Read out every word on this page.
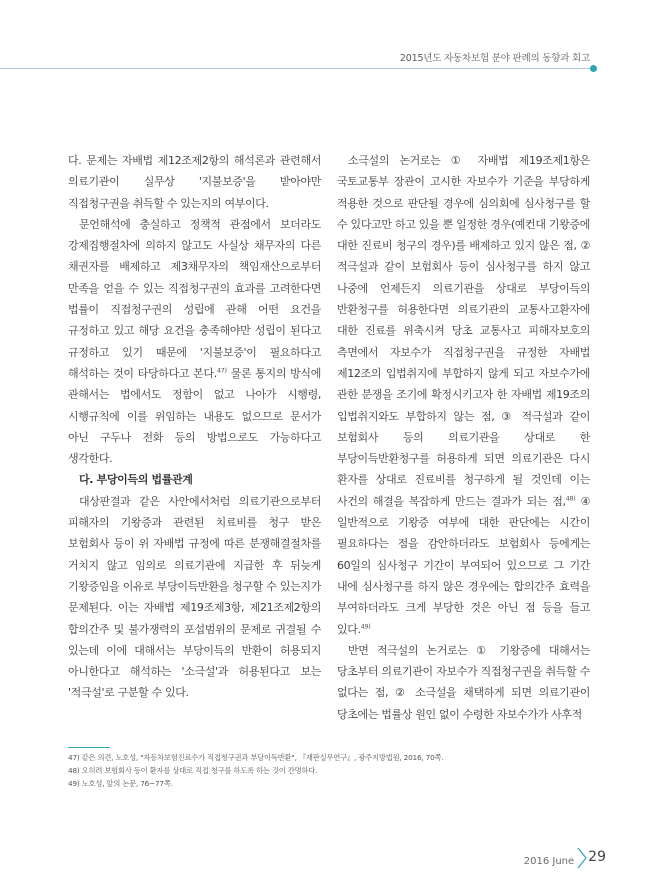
2015년도 자동차보험 분야 판례의 동향과 회고

다. 문제는 자배법 제12조제2항의 해석론과 관련해서 의료기관이 실무상 '지불보증'을 받아야만 직접청구권을 취득할 수 있는지의 여부이다.

문언해석에 충실하고 정책적 관점에서 보더라도 강제집행절차에 의하지 않고도 사실상 채무자의 다른 채권자를 배제하고 제3채무자의 책임재산으로부터 만족을 얻을 수 있는 직접청구권의 효과를 고려한다면 법률이 직접청구권의 성립에 관해 어떤 요건을 규정하고 있고 해당 요건을 충족해야만 성립이 된다고 규정하고 있기 때문에 '지불보증'이 필요하다고 해석하는 것이 타당하다고 본다.$^{47)}$ 물론 통지의 방식에 관해서는 법에서도 정함이 없고 나아가 시행령, 시행규칙에 이를 위임하는 내용도 없으므로 문서가 아닌 구두나 전화 등의 방법으로도 가능하다고 생각한다.

다. 부당이득의 법률관계

대상판결과 같은 사안에서처럼 의료기관으로부터 피해자의 기왕증과 관련된 치료비를 청구 받은 보험회사 등이 위 자배법 규정에 따른 분쟁해결절차를 거치지 않고 임의로 의료기관에 지급한 후 뒤늦게 기왕증임을 이유로 부당이득반환을 청구할 수 있는지가 문제된다. 이는 자배법 제19조제3항, 제21조제2항의 합의간주 및 불가쟁력의 포섭범위의 문제로 귀결될 수 있는데 이에 대해서는 부당이득의 반환이 허용되지 아니한다고 해석하는 '소극설'과 허용된다고 보는 '적극설'로 구분할 수 있다.

소극설의 논거로는 ① 자배법 제19조제1항은 국토교통부 장관이 고시한 자보수가 기준을 부당하게 적용한 것으로 판단될 경우에 심의회에 심사청구를 할 수 있다고만 하고 있을 뿐 일정한 경우(예컨대 기왕증에 대한 진료비 청구의 경우)를 배제하고 있지 않은 점, ② 적극설과 같이 보험회사 등이 심사청구를 하지 않고 나중에 언제든지 의료기관을 상대로 부당이득의 반환청구를 허용한다면 의료기관의 교통사고환자에 대한 진료를 위축시켜 당초 교통사고 피해자보호의 측면에서 자보수가 직접청구권을 규정한 자배법 제12조의 입법취지에 부합하지 않게 되고 자보수가에 관한 분쟁을 조기에 확정시키고자 한 자배법 제19조의 입법취지와도 부합하지 않는 점, ③ 적극설과 같이 보험회사 등의 의료기관을 상대로 한 부당이득반환청구를 허용하게 되면 의료기관은 다시 환자를 상대로 진료비를 청구하게 될 것인데 이는 사건의 해결을 복잡하게 만드는 결과가 되는 점,$^{48)}$ ④ 일반적으로 기왕증 여부에 대한 판단에는 시간이 필요하다는 점을 감안하더라도 보험회사 등에게는 60일의 심사청구 기간이 부여되어 있으므로 그 기간 내에 심사청구를 하지 않은 경우에는 합의간주 효력을 부여하더라도 크게 부당한 것은 아닌 점 등을 들고 있다.$^{49)}$

반면 적극설의 논거로는 ① 기왕증에 대해서는 당초부터 의료기관이 자보수가 직접청구권을 취득할 수 없다는 점, ② 소극설을 채택하게 되면 의료기관이 당초에는 법률상 원인 없이 수령한 자보수가가 사후적

47) 같은 의견, 노호성, "자동차보험진료수가 직접청구권과 부당이득반환", 『재판실무연구』, 광주지방법원, 2016, 70쪽.
48) 오히려 보험회사 등이 환자를 상대로 직접 청구를 하도록 하는 것이 간명하다.
49) 노호성, 앞의 논문, 76~77쪽.
2016 June 29
